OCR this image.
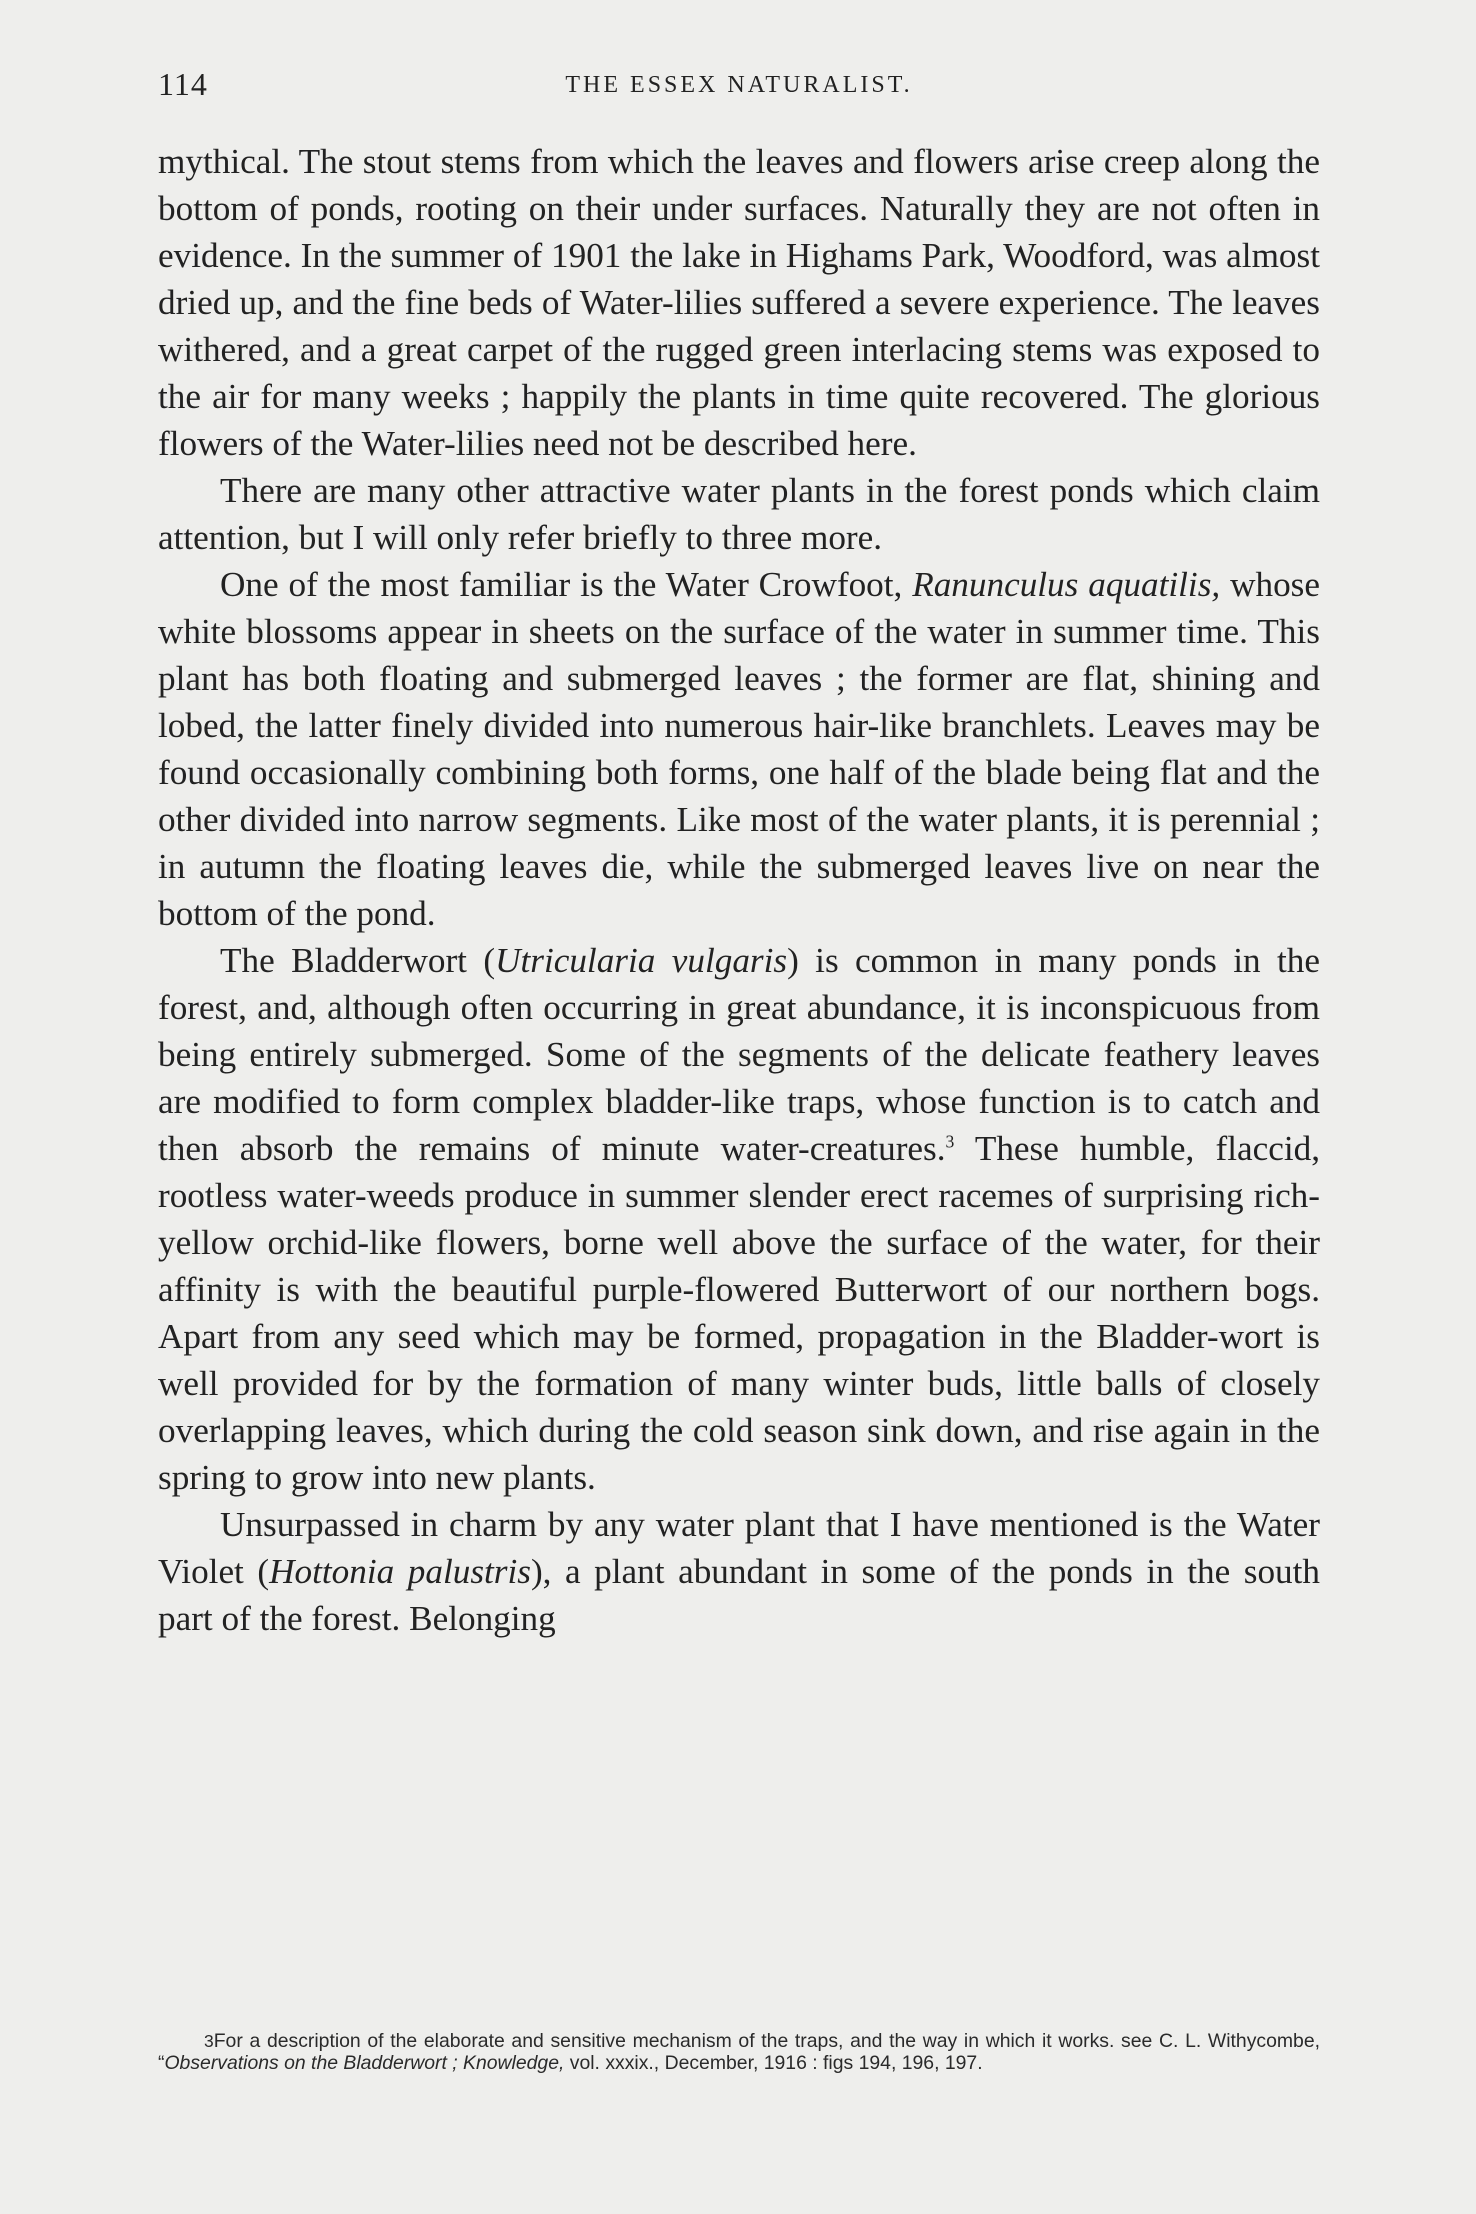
114	THE ESSEX NATURALIST.

mythical. The stout stems from which the leaves and flowers arise creep along the bottom of ponds, rooting on their under surfaces. Naturally they are not often in evidence. In the summer of 1901 the lake in Highams Park, Woodford, was almost dried up, and the fine beds of Water-lilies suffered a severe experience. The leaves withered, and a great carpet of the rugged green interlacing stems was exposed to the air for many weeks ; happily the plants in time quite recovered. The glorious flowers of the Water-lilies need not be described here.

There are many other attractive water plants in the forest ponds which claim attention, but I will only refer briefly to three more.

One of the most familiar is the Water Crowfoot, Ranunculus aquatilis, whose white blossoms appear in sheets on the surface of the water in summer time. This plant has both floating and submerged leaves ; the former are flat, shining and lobed, the latter finely divided into numerous hair-like branchlets. Leaves may be found occasionally combining both forms, one half of the blade being flat and the other divided into narrow segments. Like most of the water plants, it is perennial ; in autumn the floating leaves die, while the submerged leaves live on near the bottom of the pond.

The Bladderwort (Utricularia vulgaris) is common in many ponds in the forest, and, although often occurring in great abundance, it is inconspicuous from being entirely submerged. Some of the segments of the delicate feathery leaves are modified to form complex bladder-like traps, whose function is to catch and then absorb the remains of minute water-creatures.$^3$ These humble, flaccid, rootless water-weeds produce in summer slender erect racemes of surprising rich-yellow orchid-like flowers, borne well above the surface of the water, for their affinity is with the beautiful purple-flowered Butterwort of our northern bogs. Apart from any seed which may be formed, propagation in the Bladder-wort is well provided for by the formation of many winter buds, little balls of closely overlapping leaves, which during the cold season sink down, and rise again in the spring to grow into new plants.

Unsurpassed in charm by any water plant that I have mentioned is the Water Violet (Hottonia palustris), a plant abundant in some of the ponds in the south part of the forest. Belonging

3For a description of the elaborate and sensitive mechanism of the traps, and the way in which it works. see C. L. Withycombe, “Observations on the Bladderwort ; Knowledge, vol. xxxix., December, 1916 : figs 194, 196, 197.
